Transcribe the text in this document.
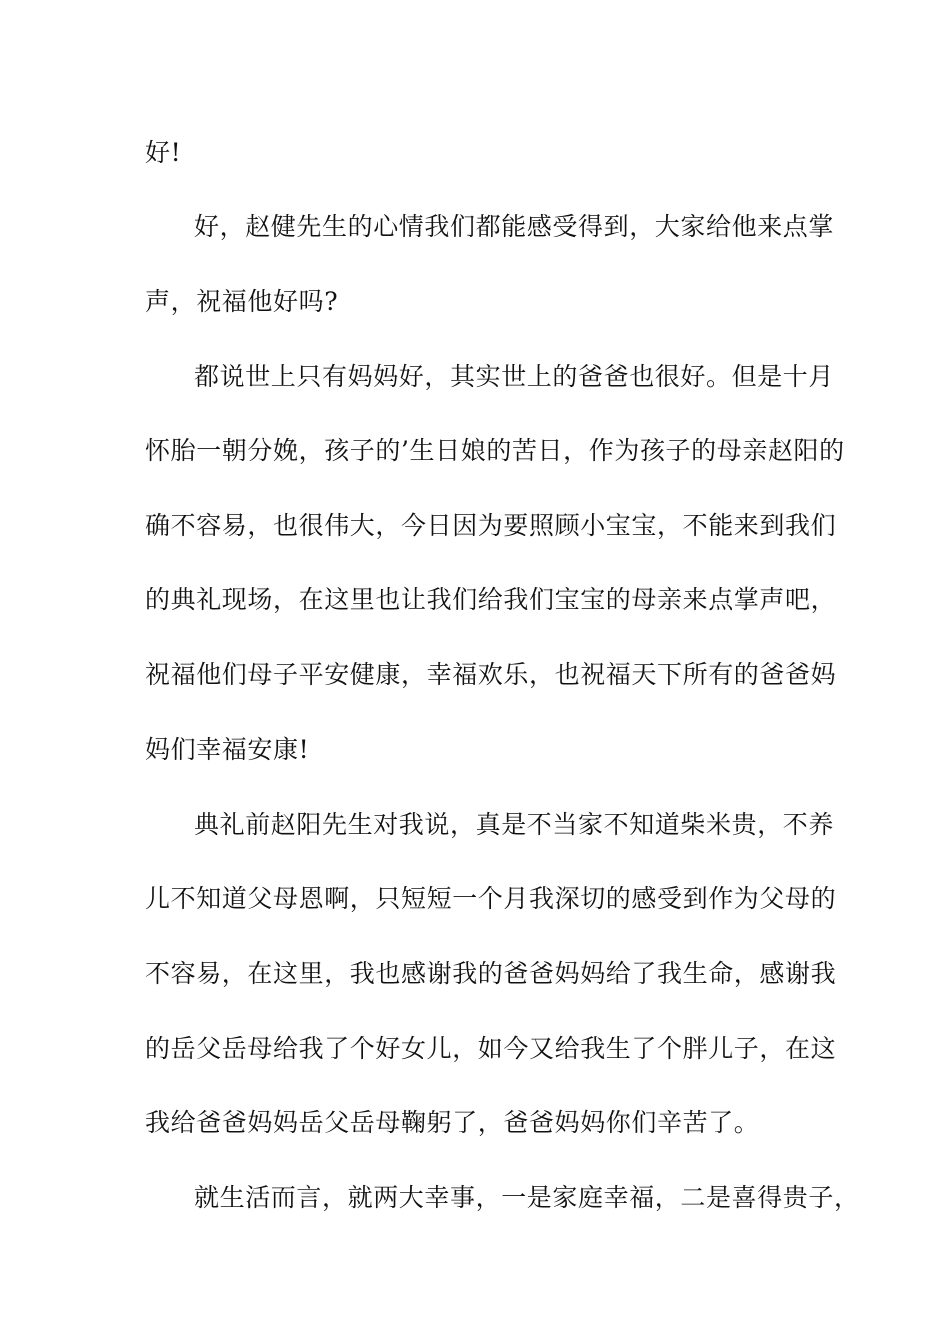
好!
好，赵健先生的心情我们都能感受得到，大家给他来点掌
声，祝福他好吗?
都说世上只有妈妈好，其实世上的爸爸也很好。但是十月
怀胎一朝分娩，孩子的’生日娘的苦日，作为孩子的母亲赵阳的
确不容易，也很伟大，今日因为要照顾小宝宝，不能来到我们
的典礼现场，在这里也让我们给我们宝宝的母亲来点掌声吧，
祝福他们母子平安健康，幸福欢乐，也祝福天下所有的爸爸妈
妈们幸福安康!
典礼前赵阳先生对我说，真是不当家不知道柴米贵，不养
儿不知道父母恩啊，只短短一个月我深切的感受到作为父母的
不容易，在这里，我也感谢我的爸爸妈妈给了我生命，感谢我
的岳父岳母给我了个好女儿，如今又给我生了个胖儿子，在这
我给爸爸妈妈岳父岳母鞠躬了，爸爸妈妈你们辛苦了。
就生活而言，就两大幸事，一是家庭幸福，二是喜得贵子，
